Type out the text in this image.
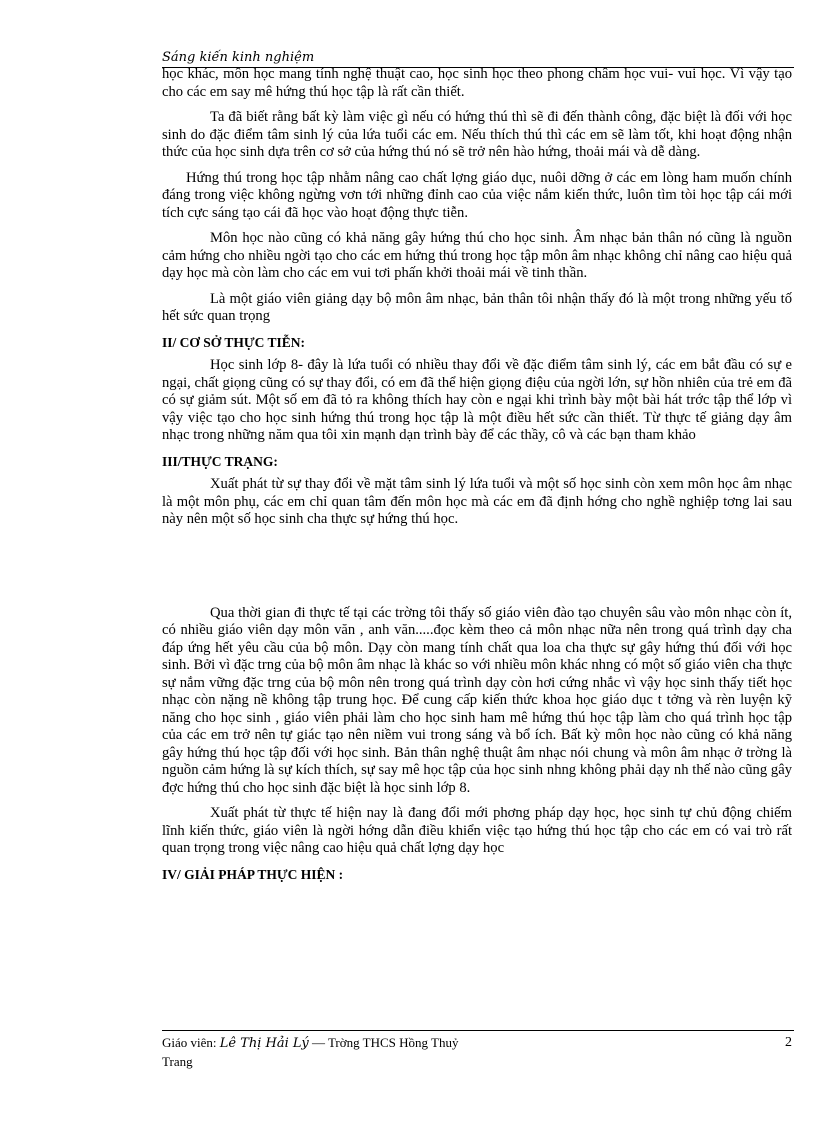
Sáng kiến kinh nghiệm

học khác, môn học mang tính nghệ thuật cao, học sinh học theo phong châm học vui- vui học. Vì vậy tạo cho các em say mê hứng thú học tập là rất cần thiết.

Ta đã biết rằng bất kỳ làm việc gì nếu có hứng thú thì sẽ đi đến thành công, đặc biệt là đối với học sinh do đặc điểm tâm sinh lý của lứa tuổi các em. Nếu thích thú thì các em sẽ làm tốt, khi hoạt động nhận thức của học sinh dựa trên cơ sở của hứng thú nó sẽ trở nên hào hứng, thoải mái và dễ dàng.

Hứng thú trong học tập nhằm nâng cao chất lợng giáo dục, nuôi dỡng ở các em lòng ham muốn chính đáng trong việc không ngừng vơn tới những đỉnh cao của việc nắm kiến thức, luôn tìm tòi học tập cái mới tích cực sáng tạo cái đã học vào hoạt động thực tiễn.

Môn học nào cũng có khả năng gây hứng thú cho học sinh. Âm nhạc bản thân nó cũng là nguồn cảm hứng cho nhiều ngời tạo cho các em hứng thú trong học tập môn âm nhạc không chỉ nâng cao hiệu quả dạy học mà còn làm cho các em vui tơi phấn khởi thoải mái về tinh thần.

Là một giáo viên giảng dạy bộ môn âm nhạc, bản thân tôi nhận thấy đó là một trong những yếu tố hết sức quan trọng

II/ CƠ SỞ THỰC TIỄN:

Học sinh lớp 8- đây là lứa tuổi có nhiều thay đổi về đặc điểm tâm sinh lý, các em bắt đầu có sự e ngại, chất giọng cũng có sự thay đổi, có em đã thể hiện giọng điệu của ngời lớn, sự hồn nhiên của trẻ em đã có sự giảm sút. Một số em đã tỏ ra không thích hay còn e ngại khi trình bày một bài hát trớc tập thể lớp vì vậy việc tạo cho học sinh hứng thú trong học tập là một điều hết sức cần thiết. Từ thực tế giảng dạy âm nhạc trong những năm qua tôi xin mạnh dạn trình bày để các thầy, cô và các bạn tham khảo

III/THỰC TRẠNG:

Xuất phát từ sự thay đổi về mặt tâm sinh lý lứa tuổi và một số học sinh còn xem môn học âm nhạc là một môn phụ, các em chỉ quan tâm đến môn học mà các em đã định hớng cho nghề nghiệp tơng lai sau này nên một số học sinh cha thực sự hứng thú học.

Qua thời gian đi thực tế tại các trờng tôi thấy số giáo viên đào tạo chuyên sâu vào môn nhạc còn ít, có nhiều giáo viên dạy môn văn , anh văn.....đọc kèm theo cả môn nhạc nữa nên trong quá trình dạy cha đáp ứng hết yêu cầu của bộ môn. Dạy còn mang tính chất qua loa cha thực sự gây hứng thú đối với học sinh. Bởi vì đặc trng của bộ môn âm nhạc là khác so với nhiều môn khác nhng có một số giáo viên cha thực sự nắm vững đặc trng của bộ môn nên trong quá trình dạy còn hơi cứng nhắc vì vậy học sinh thấy tiết học nhạc còn nặng nề không tập trung học. Để cung cấp kiến thức khoa học giáo dục t tởng và rèn luyện kỹ năng cho học sinh , giáo viên phải làm cho học sinh ham mê hứng thú học tập làm cho quá trình học tập của các em trở nên tự giác tạo nên niềm vui trong sáng và bổ ích. Bất kỳ môn học nào cũng có khả năng gây hứng thú học tập đối với học sinh. Bản thân nghệ thuật âm nhạc nói chung và môn âm nhạc ở trờng là nguồn cảm hứng là sự kích thích, sự say mê học tập của học sinh nhng không phải dạy nh thế nào cũng gây đợc hứng thú cho học sinh đặc biệt là học sinh lớp 8.

Xuất phát từ thực tế hiện nay là đang đổi mới phơng pháp dạy học, học sinh tự chủ động chiếm lĩnh kiến thức, giáo viên là ngời hớng dẫn điều khiển việc tạo hứng thú học tập cho các em có vai trò rất quan trọng trong việc nâng cao hiệu quả chất lợng dạy học

IV/ GIẢI PHÁP THỰC HIỆN :
Giáo viên: Lê Thị Hải Lý — Trờng THCS Hồng Thuỷ
Trang
2
